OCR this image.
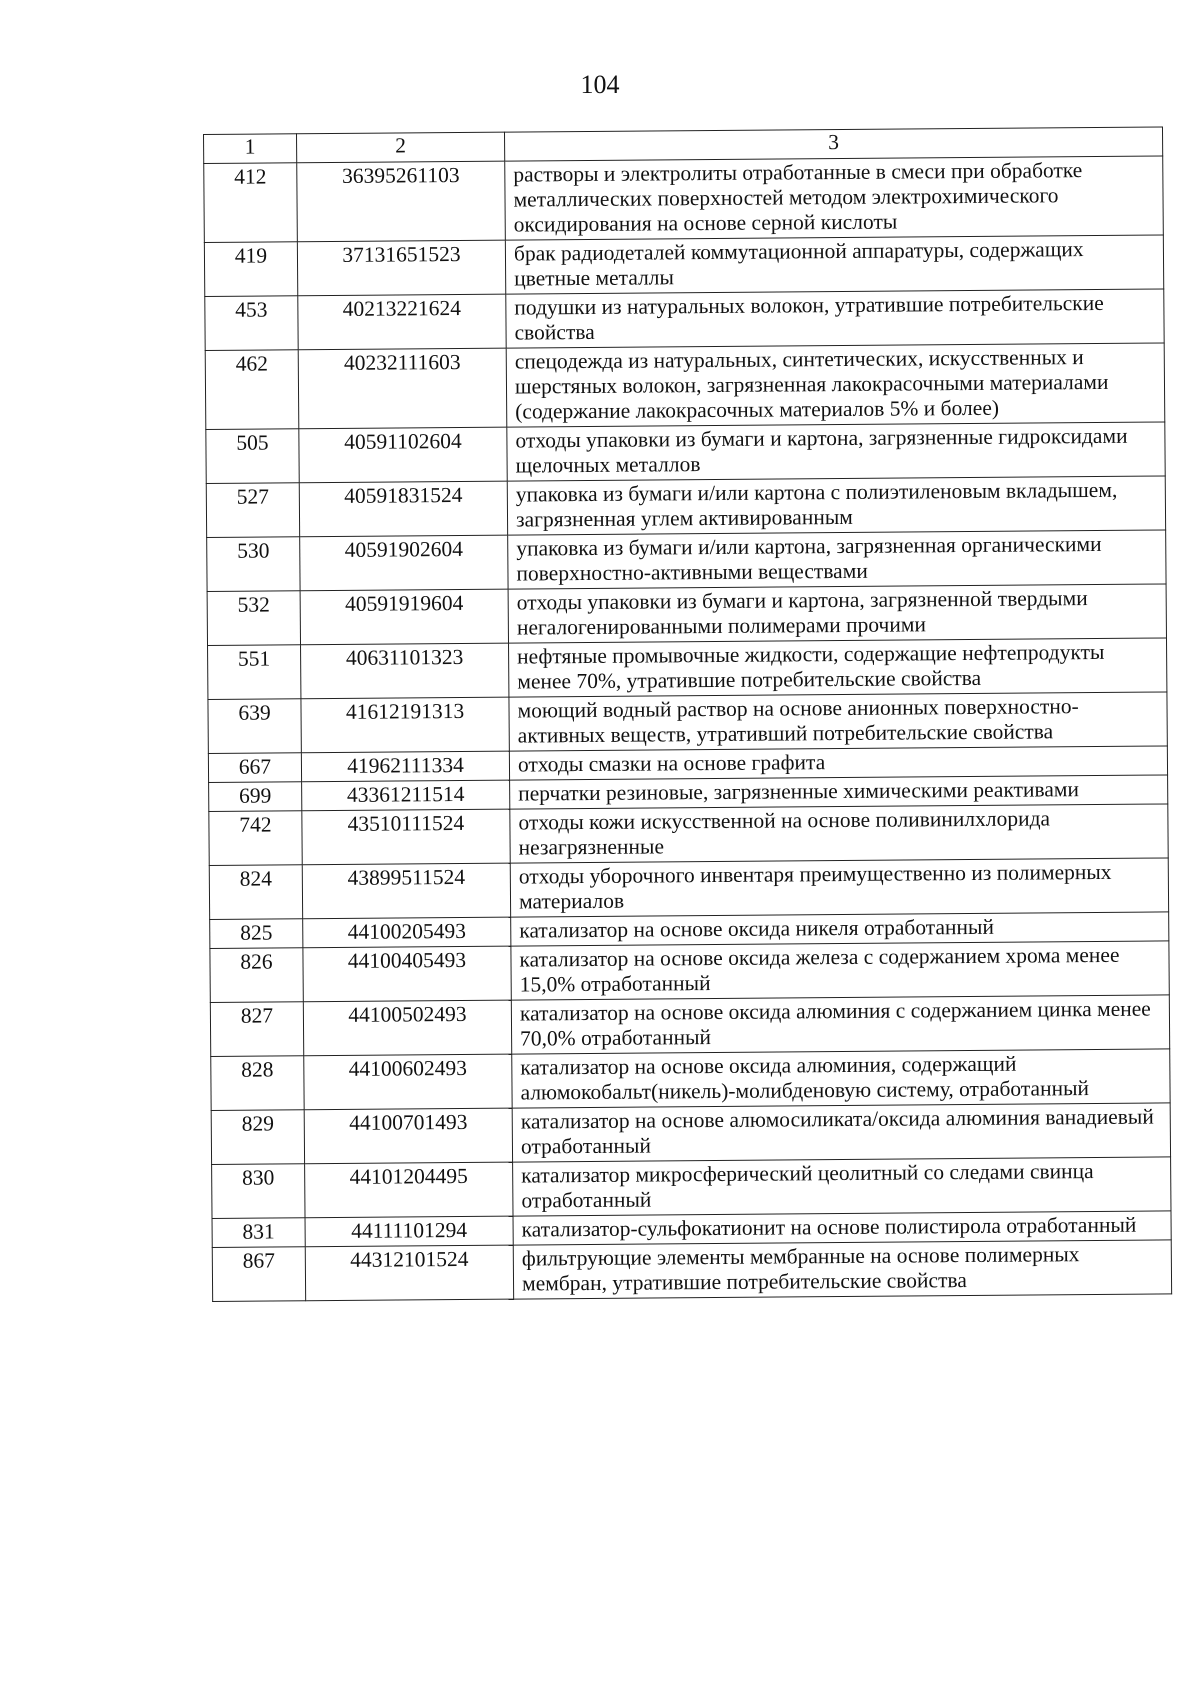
104
1	2	3
412	36395261103	растворы и электролиты отработанные в смеси при обработке металлических поверхностей методом электрохимического оксидирования на основе серной кислоты
419	37131651523	брак радиодеталей коммутационной аппаратуры, содержащих цветные металлы
453	40213221624	подушки из натуральных волокон, утратившие потребительские свойства
462	40232111603	спецодежда из натуральных, синтетических, искусственных и шерстяных волокон, загрязненная лакокрасочными материалами (содержание лакокрасочных материалов 5% и более)
505	40591102604	отходы упаковки из бумаги и картона, загрязненные гидроксидами щелочных металлов
527	40591831524	упаковка из бумаги и/или картона с полиэтиленовым вкладышем, загрязненная углем активированным
530	40591902604	упаковка из бумаги и/или картона, загрязненная органическими поверхностно-активными веществами
532	40591919604	отходы упаковки из бумаги и картона, загрязненной твердыми негалогенированными полимерами прочими
551	40631101323	нефтяные промывочные жидкости, содержащие нефтепродукты менее 70%, утратившие потребительские свойства
639	41612191313	моющий водный раствор на основе анионных поверхностно-активных веществ, утративший потребительские свойства
667	41962111334	отходы смазки на основе графита
699	43361211514	перчатки резиновые, загрязненные химическими реактивами
742	43510111524	отходы кожи искусственной на основе поливинилхлорида незагрязненные
824	43899511524	отходы уборочного инвентаря преимущественно из полимерных материалов
825	44100205493	катализатор на основе оксида никеля отработанный
826	44100405493	катализатор на основе оксида железа с содержанием хрома менее 15,0% отработанный
827	44100502493	катализатор на основе оксида алюминия с содержанием цинка менее 70,0% отработанный
828	44100602493	катализатор на основе оксида алюминия, содержащий алюмокобальт(никель)-молибденовую систему, отработанный
829	44100701493	катализатор на основе алюмосиликата/оксида алюминия ванадиевый отработанный
830	44101204495	катализатор микросферический цеолитный со следами свинца отработанный
831	44111101294	катализатор-сульфокатионит на основе полистирола отработанный
867	44312101524	фильтрующие элементы мембранные на основе полимерных мембран, утратившие потребительские свойства
